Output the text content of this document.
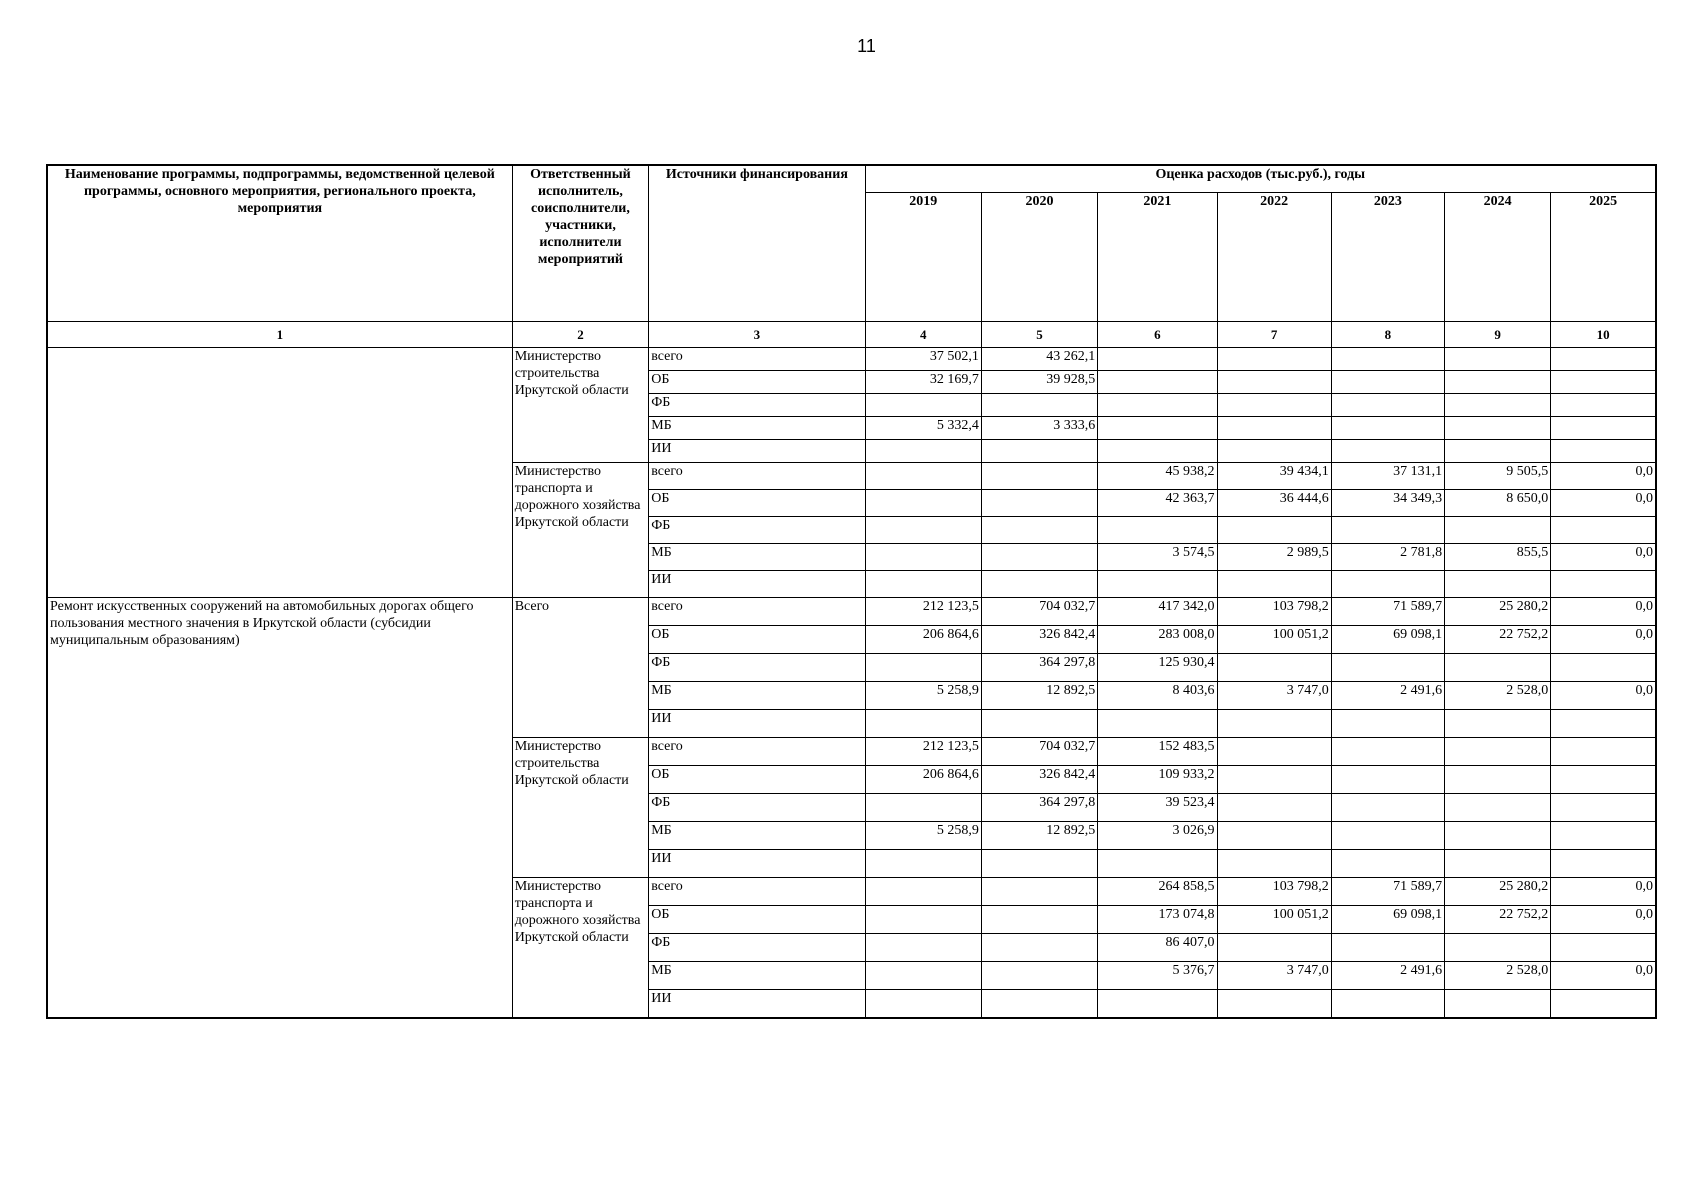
11
Наименование программы, подпрограммы, ведомственной целевой программы, основного мероприятия, регионального проекта, мероприятия	Ответственный исполнитель, соисполнители, участники, исполнители мероприятий	Источники финансирования	Оценка расходов (тыс.руб.), годы						
			2019	2020	2021	2022	2023	2024	2025
1	2	3	4	5	6	7	8	9	10
	Министерство строительства Иркутской области	всего	37 502,1	43 262,1					
		ОБ	32 169,7	39 928,5					
		ФБ							
		МБ	5 332,4	3 333,6					
		ИИ							
	Министерство транспорта и дорожного хозяйства Иркутской области	всего			45 938,2	39 434,1	37 131,1	9 505,5	0,0
		ОБ			42 363,7	36 444,6	34 349,3	8 650,0	0,0
		ФБ							
		МБ			3 574,5	2 989,5	2 781,8	855,5	0,0
		ИИ							
Ремонт искусственных сооружений на автомобильных дорогах общего пользования местного значения в Иркутской области (субсидии муниципальным образованиям)	Всего	всего	212 123,5	704 032,7	417 342,0	103 798,2	71 589,7	25 280,2	0,0
		ОБ	206 864,6	326 842,4	283 008,0	100 051,2	69 098,1	22 752,2	0,0
		ФБ		364 297,8	125 930,4				
		МБ	5 258,9	12 892,5	8 403,6	3 747,0	2 491,6	2 528,0	0,0
		ИИ							
	Министерство строительства Иркутской области	всего	212 123,5	704 032,7	152 483,5				
		ОБ	206 864,6	326 842,4	109 933,2				
		ФБ		364 297,8	39 523,4				
		МБ	5 258,9	12 892,5	3 026,9				
		ИИ							
	Министерство транспорта и дорожного хозяйства Иркутской области	всего			264 858,5	103 798,2	71 589,7	25 280,2	0,0
		ОБ			173 074,8	100 051,2	69 098,1	22 752,2	0,0
		ФБ			86 407,0				
		МБ			5 376,7	3 747,0	2 491,6	2 528,0	0,0
		ИИ							
